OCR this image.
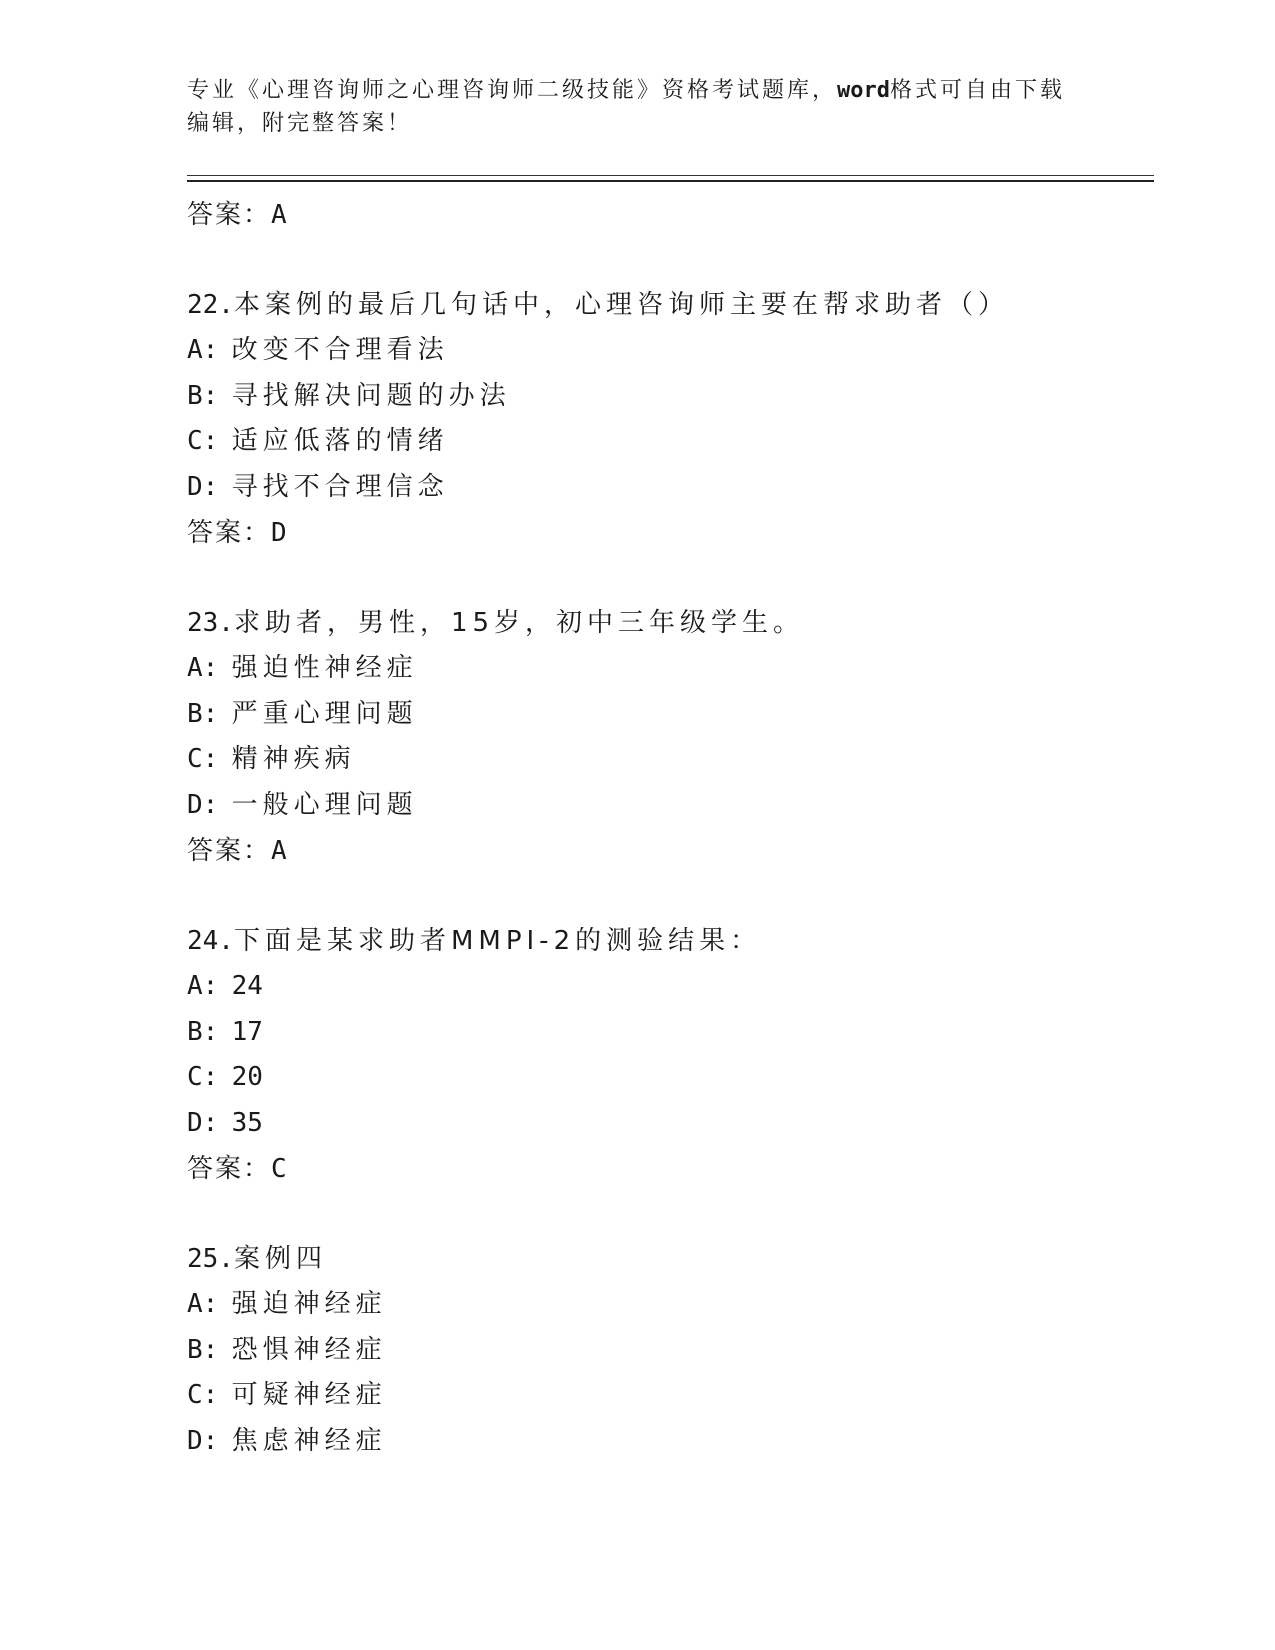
专业《心理咨询师之心理咨询师二级技能》资格考试题库，word格式可自由下载
编辑，附完整答案！
答案：A
22.本案例的最后几句话中，心理咨询师主要在帮求助者（）
A: 改变不合理看法
B: 寻找解决问题的办法
C: 适应低落的情绪
D: 寻找不合理信念
答案：D
23.求助者，男性，15岁，初中三年级学生。
A: 强迫性神经症
B: 严重心理问题
C: 精神疾病
D: 一般心理问题
答案：A
24.下面是某求助者MMPI-2的测验结果：
A: 24
B: 17
C: 20
D: 35
答案：C
25.案例四
A: 强迫神经症
B: 恐惧神经症
C: 可疑神经症
D: 焦虑神经症
